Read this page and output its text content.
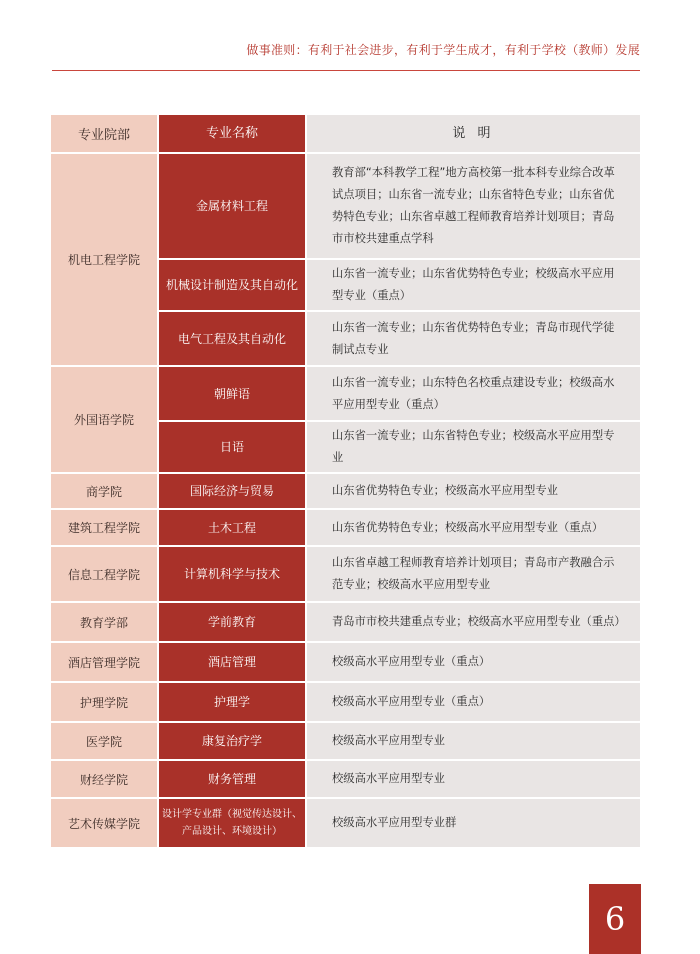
做事准则：有利于社会进步，有利于学生成才，有利于学校（教师）发展
专业院部	专业名称	说 明
机电工程学院	金属材料工程	教育部“本科教学工程”地方高校第一批本科专业综合改革试点项目；山东省一流专业；山东省特色专业；山东省优势特色专业；山东省卓越工程师教育培养计划项目；青岛市市校共建重点学科
	机械设计制造及其自动化	山东省一流专业；山东省优势特色专业；校级高水平应用型专业（重点）
	电气工程及其自动化	山东省一流专业；山东省优势特色专业；青岛市现代学徒制试点专业
外国语学院	朝鲜语	山东省一流专业；山东特色名校重点建设专业；校级高水平应用型专业（重点）
	日语	山东省一流专业；山东省特色专业；校级高水平应用型专业
商学院	国际经济与贸易	山东省优势特色专业；校级高水平应用型专业
建筑工程学院	土木工程	山东省优势特色专业；校级高水平应用型专业（重点）
信息工程学院	计算机科学与技术	山东省卓越工程师教育培养计划项目；青岛市产教融合示范专业；校级高水平应用型专业
教育学部	学前教育	青岛市市校共建重点专业；校级高水平应用型专业（重点）
酒店管理学院	酒店管理	校级高水平应用型专业（重点）
护理学院	护理学	校级高水平应用型专业（重点）
医学院	康复治疗学	校级高水平应用型专业
财经学院	财务管理	校级高水平应用型专业
艺术传媒学院	设计学专业群（视觉传达设计、产品设计、环境设计）	校级高水平应用型专业群
6
